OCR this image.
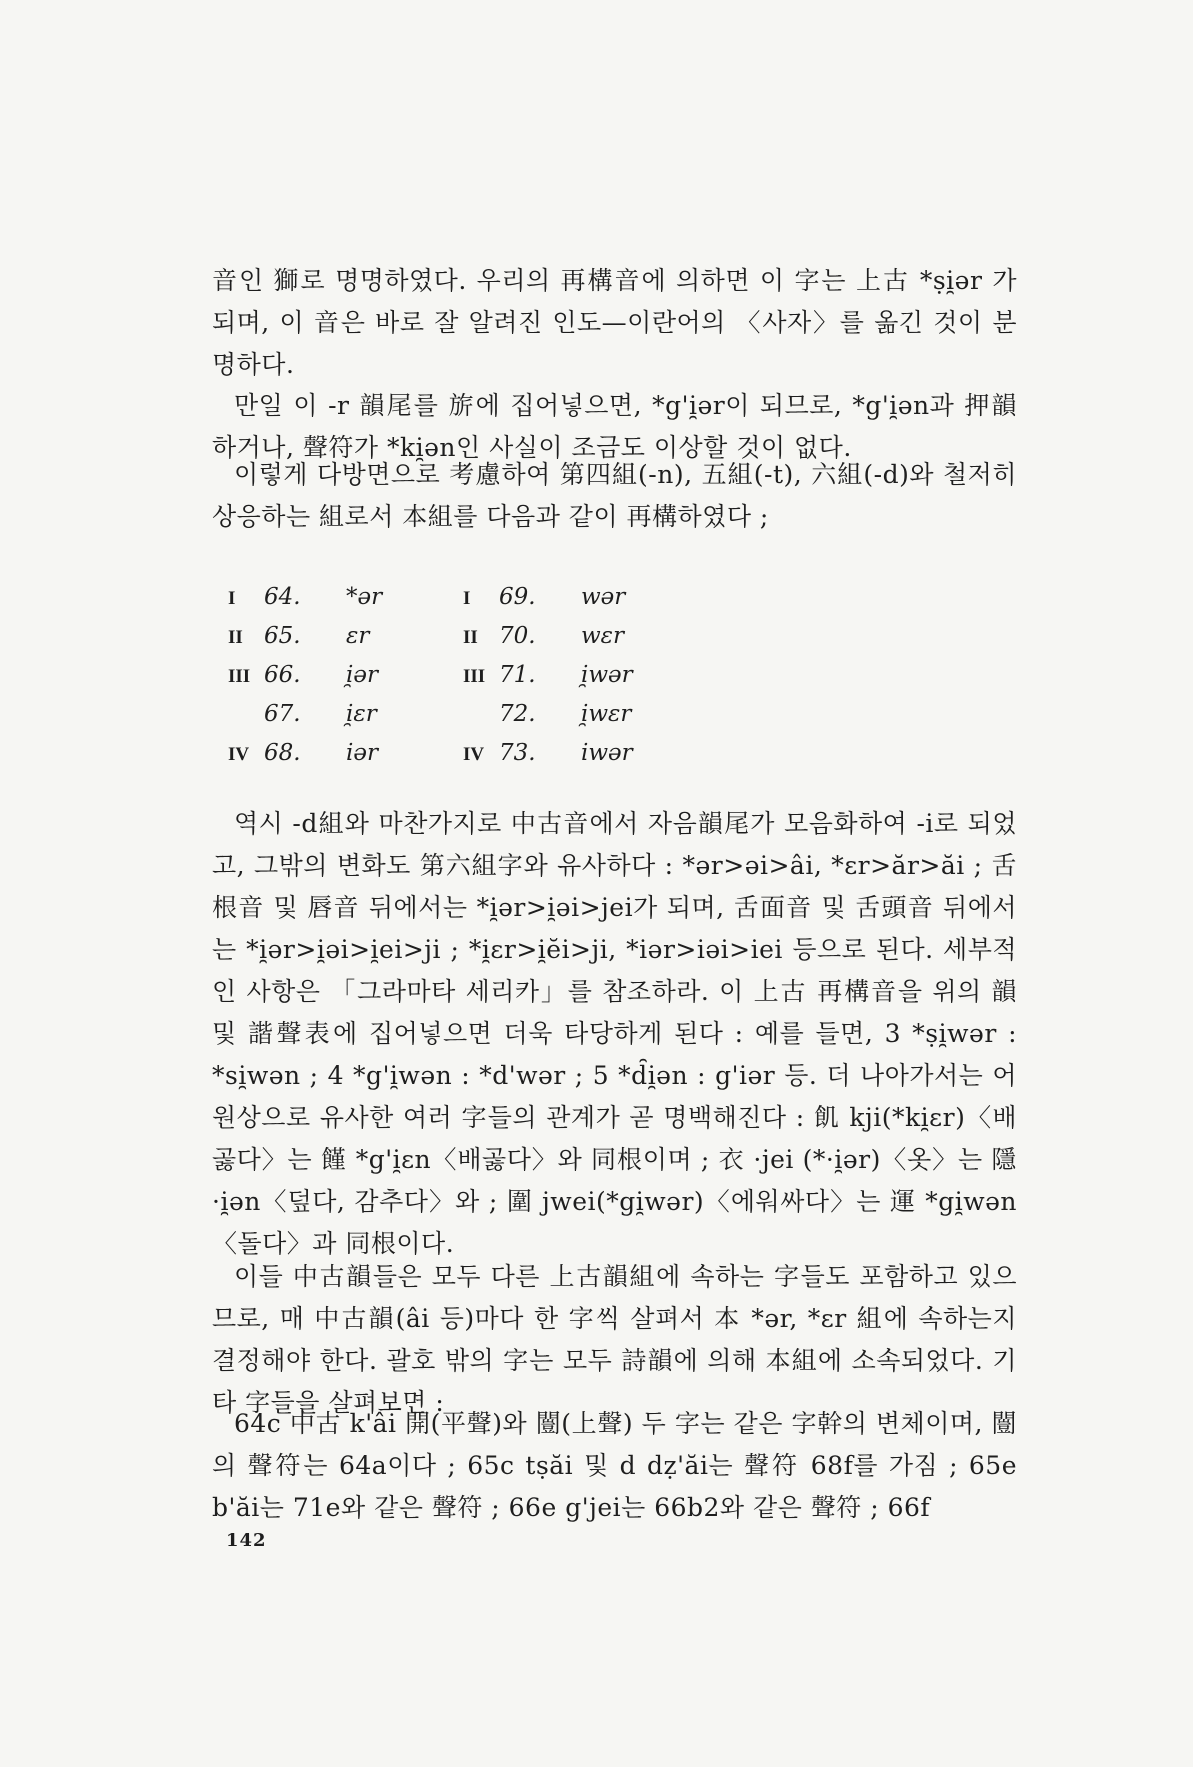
音인 獅로 명명하였다. 우리의 再構音에 의하면 이 字는 上古 *ṣi̯ər 가 되며, 이 音은 바로 잘 알려진 인도—이란어의 〈사자〉를 옮긴 것이 분명하다.
만일 이 -r 韻尾를 旂에 집어넣으면, *g'i̯ər이 되므로, *g'i̯ən과 押韻하거나, 聲符가 *ki̯ən인 사실이 조금도 이상할 것이 없다.
이렇게 다방면으로 考慮하여 第四組(-n), 五組(-t), 六組(-d)와 철저히 상응하는 組로서 本組를 다음과 같이 再構하였다 ;
I 64. *ər
II 65. ɛr
III 66. i̯ər
67. i̯ɛr
IV 68. iər
I 69. wər
II 70. wɛr
III 71. i̯wər
72. i̯wɛr
IV 73. iwər
역시 -d組와 마찬가지로 中古音에서 자음韻尾가 모음화하여 -i로 되었고, 그밖의 변화도 第六組字와 유사하다 : *ər>əi>âi, *ɛr>ăr>ăi ; 舌根音 및 唇音 뒤에서는 *i̯ər>i̯əi>jei가 되며, 舌面音 및 舌頭音 뒤에서는 *i̯ər>i̯əi>i̯ei>ji ; *i̯ɛr>i̯ĕi>ji, *iər>iəi>iei 등으로 된다. 세부적인 사항은 「그라마타 세리카」를 참조하라. 이 上古 再構音을 위의 韻 및 諧聲表에 집어넣으면 더욱 타당하게 된다 : 예를 들면, 3 *ṣi̯wər : *si̯wən ; 4 *g'i̯wən : *d'wər ; 5 *d̑i̯ən : g'iər 등. 더 나아가서는 어원상으로 유사한 여러 字들의 관계가 곧 명백해진다 : 飢 kji(*ki̯ɛr)〈배곯다〉는 饉 *g'i̯ɛn〈배곯다〉와 同根이며 ; 衣 ·jei (*·i̯ər)〈옷〉는 隱 ·i̯ən〈덮다, 감추다〉와 ; 圍 jwei(*gi̯wər)〈에워싸다〉는 運 *gi̯wən〈돌다〉과 同根이다.
이들 中古韻들은 모두 다른 上古韻組에 속하는 字들도 포함하고 있으므로, 매 中古韻(âi 등)마다 한 字씩 살펴서 本 *ər, *ɛr 組에 속하는지 결정해야 한다. 괄호 밖의 字는 모두 詩韻에 의해 本組에 소속되었다. 기타 字들을 살펴보면 :
64c 中古 k'âi 開(平聲)와 闓(上聲) 두 字는 같은 字幹의 변체이며, 闓의 聲符는 64a이다 ; 65c tṣăi 및 d dẓ'ăi는 聲符 68f를 가짐 ; 65e b'ăi는 71e와 같은 聲符 ; 66e g'jei는 66b2와 같은 聲符 ; 66f
142
